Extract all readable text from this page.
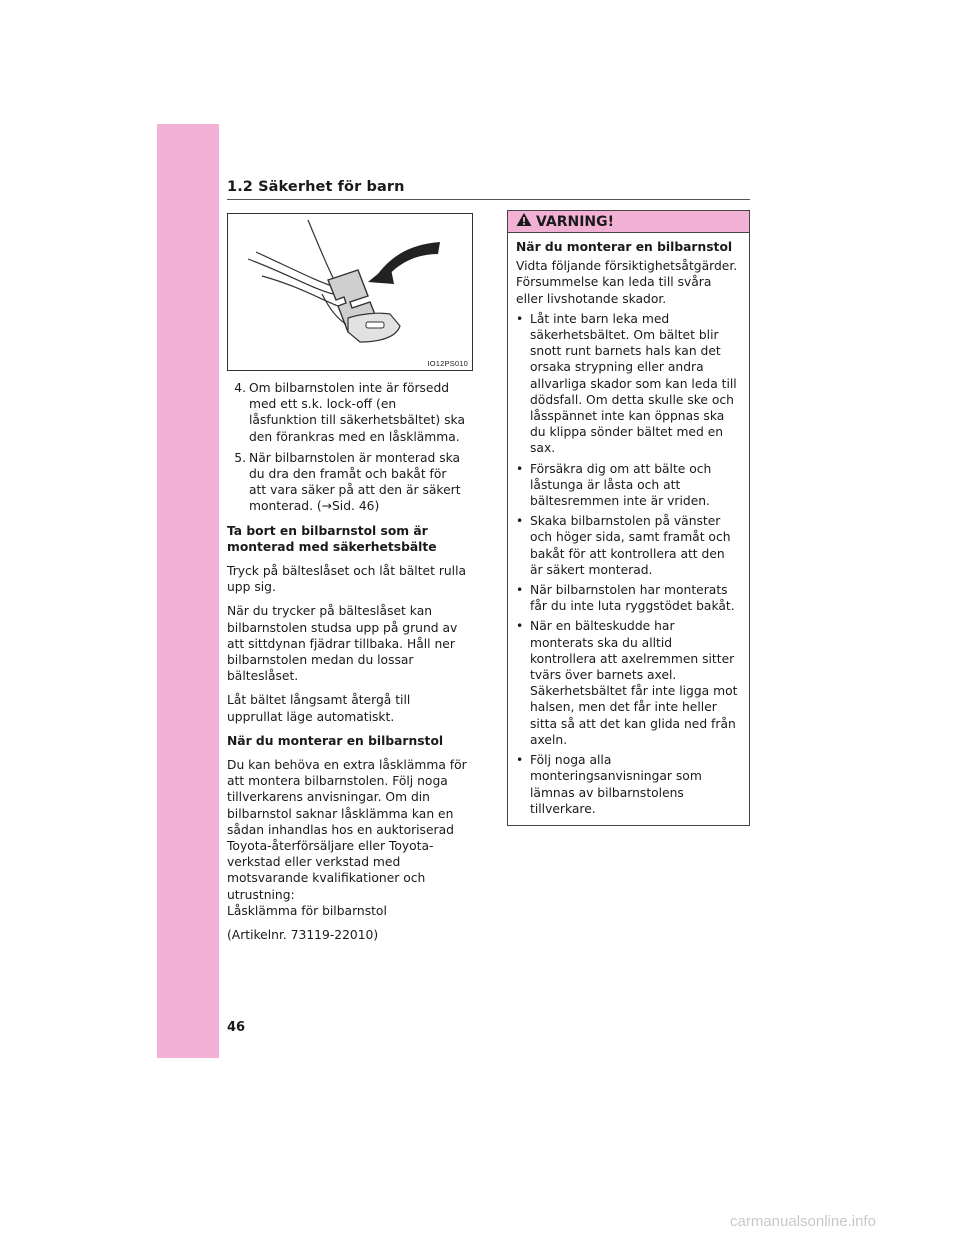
1.2 Säkerhet för barn
IO12PS010
4. Om bilbarnstolen inte är försedd med ett s.k. lock-off (en låsfunktion till säkerhetsbältet) ska den förankras med en låsklämma.
5. När bilbarnstolen är monterad ska du dra den framåt och bakåt för att vara säker på att den är säkert monterad. (→Sid. 46)

Ta bort en bilbarnstol som är monterad med säkerhetsbälte

Tryck på bälteslåset och låt bältet rulla upp sig.

När du trycker på bälteslåset kan bilbarnstolen studsa upp på grund av att sittdynan fjädrar tillbaka. Håll ner bilbarnstolen medan du lossar bälteslåset.

Låt bältet långsamt återgå till upprullat läge automatiskt.

När du monterar en bilbarnstol

Du kan behöva en extra låsklämma för att montera bilbarnstolen. Följ noga tillverkarens anvisningar. Om din bilbarnstol saknar låsklämma kan en sådan inhandlas hos en auktoriserad Toyota-återförsäljare eller Toyota-verkstad eller verkstad med motsvarande kvalifikationer och utrustning:

Låsklämma för bilbarnstol

(Artikelnr. 73119-22010)

VARNING!

När du monterar en bilbarnstol

Vidta följande försiktighetsåtgärder. Försummelse kan leda till svåra eller livshotande skador.

• Låt inte barn leka med säkerhetsbältet. Om bältet blir snott runt barnets hals kan det orsaka strypning eller andra allvarliga skador som kan leda till dödsfall. Om detta skulle ske och låsspännet inte kan öppnas ska du klippa sönder bältet med en sax.
• Försäkra dig om att bälte och låstunga är låsta och att bältesremmen inte är vriden.
• Skaka bilbarnstolen på vänster och höger sida, samt framåt och bakåt för att kontrollera att den är säkert monterad.
• När bilbarnstolen har monterats får du inte luta ryggstödet bakåt.
• När en bälteskudde har monterats ska du alltid kontrollera att axelremmen sitter tvärs över barnets axel. Säkerhetsbältet får inte ligga mot halsen, men det får inte heller sitta så att det kan glida ned från axeln.
• Följ noga alla monteringsanvisningar som lämnas av bilbarnstolens tillverkare.
46
carmanualsonline.info
